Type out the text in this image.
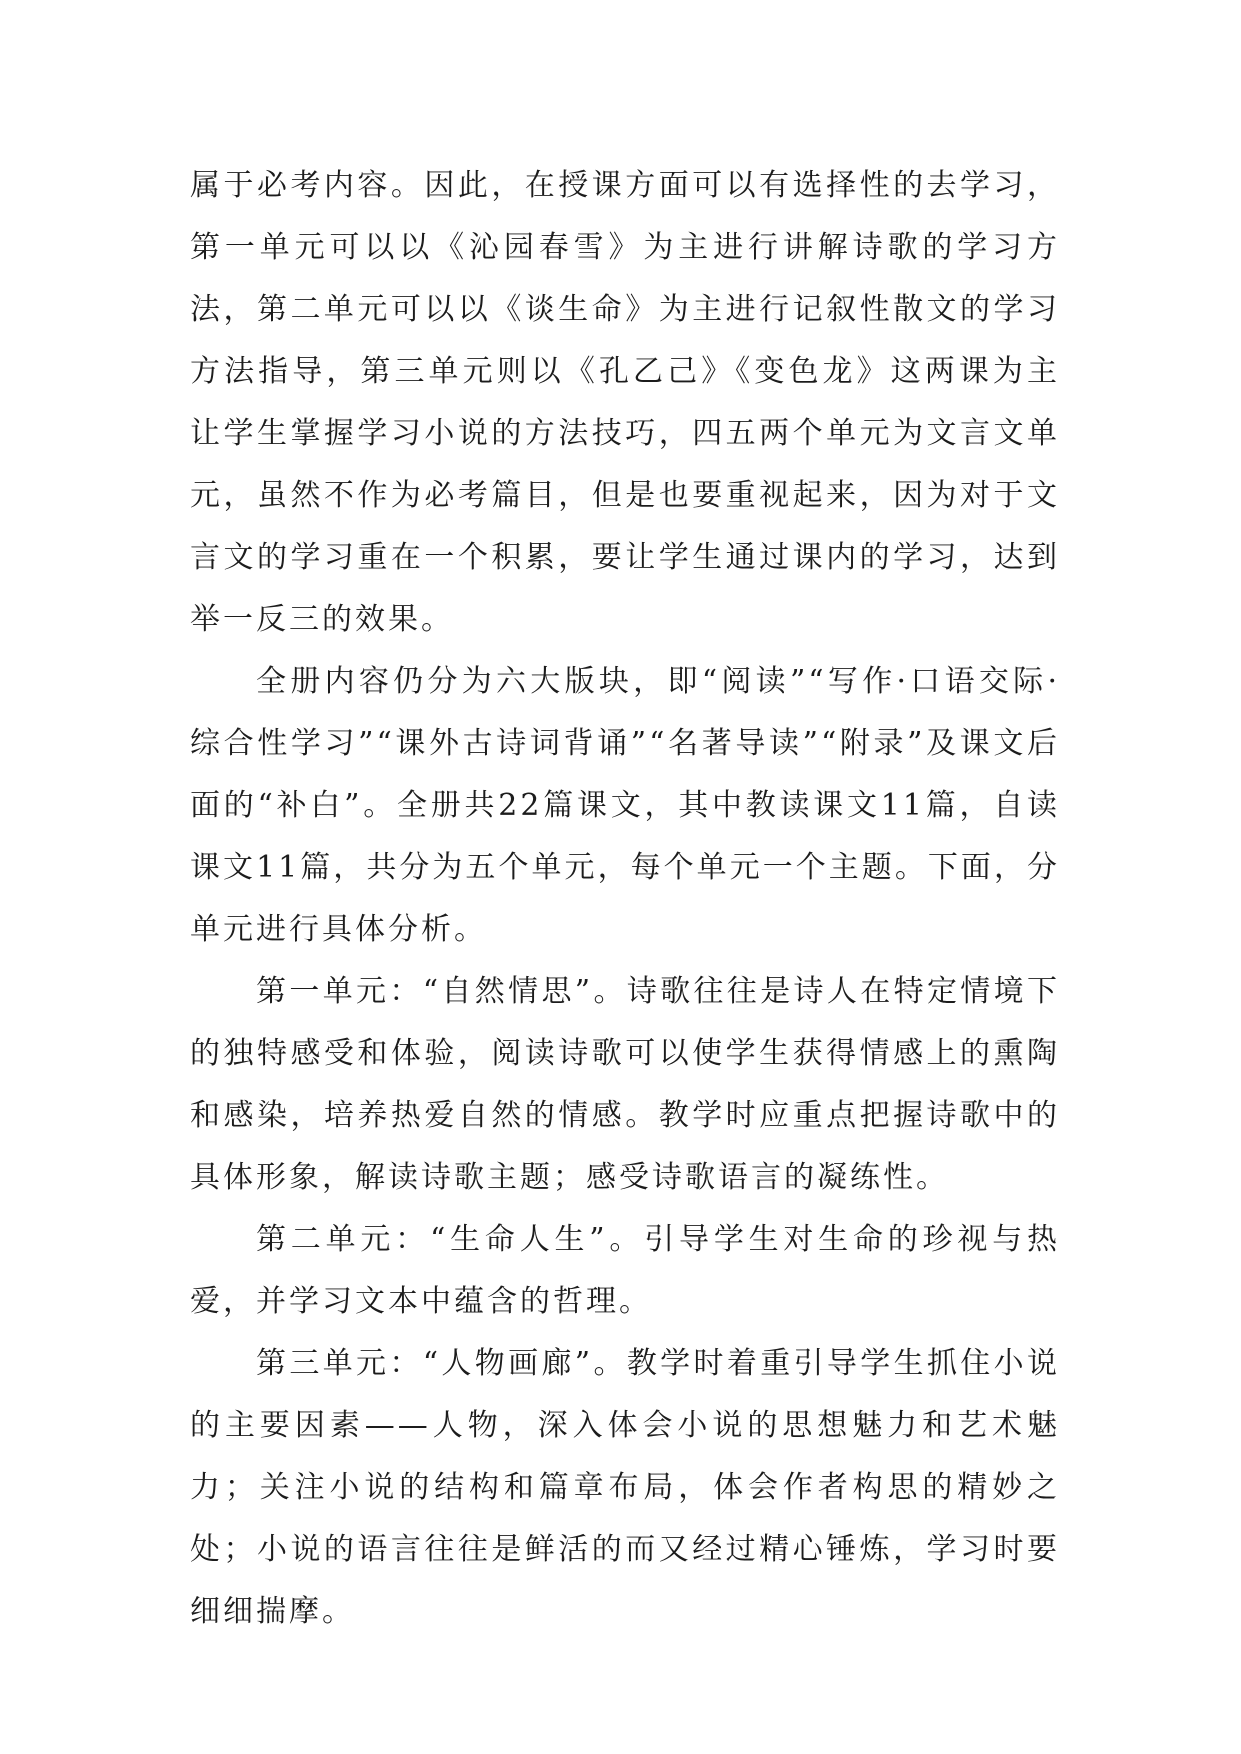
属于必考内容。因此，在授课方面可以有选择性的去学习，第一单元可以以《沁园春雪》为主进行讲解诗歌的学习方法，第二单元可以以《谈生命》为主进行记叙性散文的学习方法指导，第三单元则以《孔乙己》《变色龙》这两课为主让学生掌握学习小说的方法技巧，四五两个单元为文言文单元，虽然不作为必考篇目，但是也要重视起来，因为对于文言文的学习重在一个积累，要让学生通过课内的学习，达到举一反三的效果。

全册内容仍分为六大版块，即“阅读”“写作·口语交际·综合性学习”“课外古诗词背诵”“名著导读”“附录”及课文后面的“补白”。全册共22篇课文，其中教读课文11篇，自读课文11篇，共分为五个单元，每个单元一个主题。下面，分单元进行具体分析。

第一单元：“自然情思”。诗歌往往是诗人在特定情境下的独特感受和体验，阅读诗歌可以使学生获得情感上的熏陶和感染，培养热爱自然的情感。教学时应重点把握诗歌中的具体形象，解读诗歌主题；感受诗歌语言的凝练性。

第二单元：“生命人生”。引导学生对生命的珍视与热爱，并学习文本中蕴含的哲理。

第三单元：“人物画廊”。教学时着重引导学生抓住小说的主要因素——人物，深入体会小说的思想魅力和艺术魅力；关注小说的结构和篇章布局，体会作者构思的精妙之处；小说的语言往往是鲜活的而又经过精心锤炼，学习时要细细揣摩。
